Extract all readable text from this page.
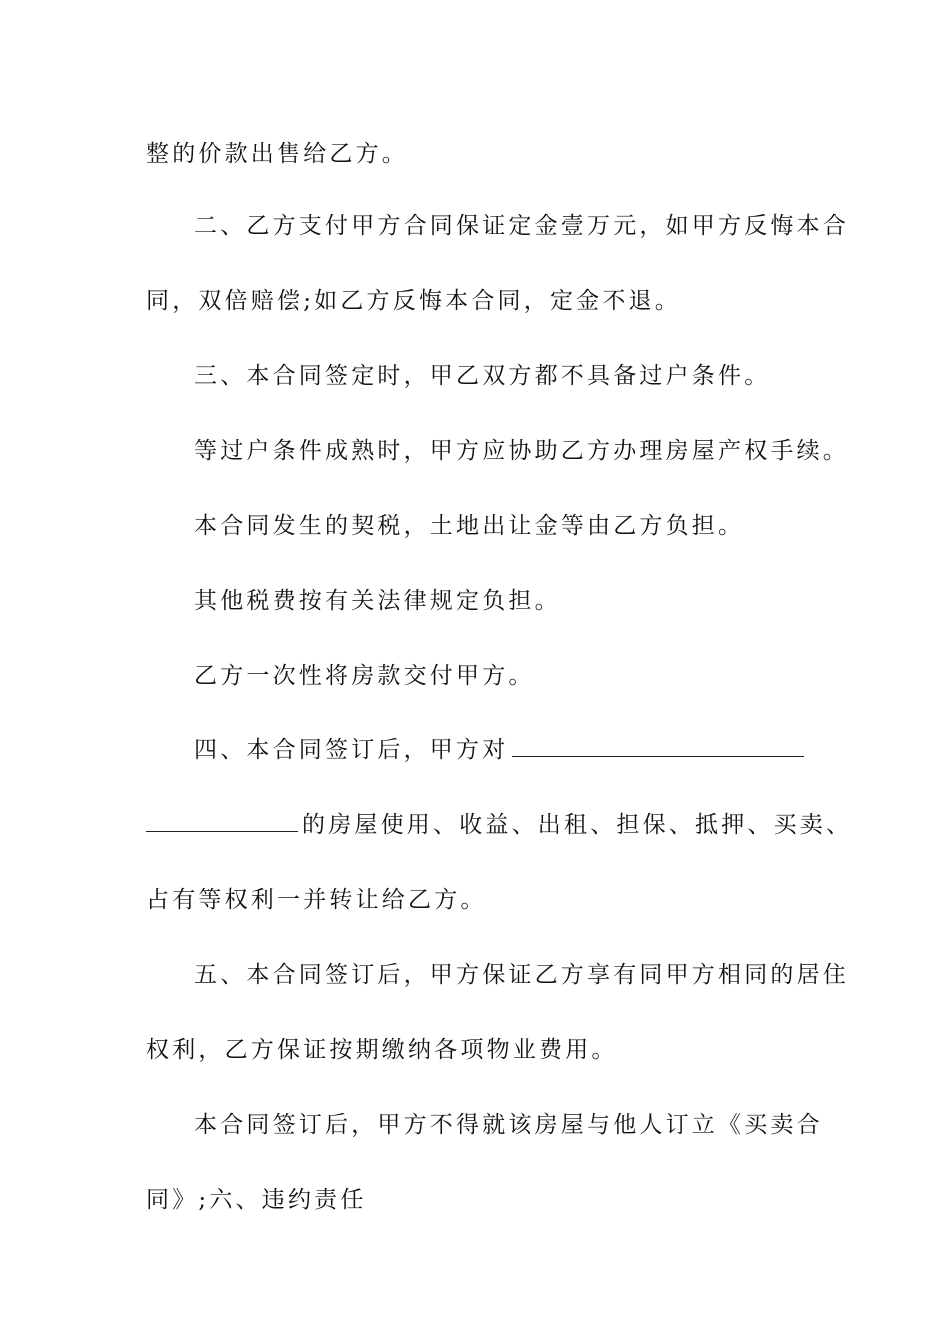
整的价款出售给乙方。
二、乙方支付甲方合同保证定金壹万元，如甲方反悔本合
同，双倍赔偿;如乙方反悔本合同，定金不退。
三、本合同签定时，甲乙双方都不具备过户条件。
等过户条件成熟时，甲方应协助乙方办理房屋产权手续。
本合同发生的契税，土地出让金等由乙方负担。
其他税费按有关法律规定负担。
乙方一次性将房款交付甲方。
四、本合同签订后，甲方对
的房屋使用、收益、出租、担保、抵押、买卖、
占有等权利一并转让给乙方。
五、本合同签订后，甲方保证乙方享有同甲方相同的居住
权利，乙方保证按期缴纳各项物业费用。
本合同签订后，甲方不得就该房屋与他人订立《买卖合
同》;六、违约责任
